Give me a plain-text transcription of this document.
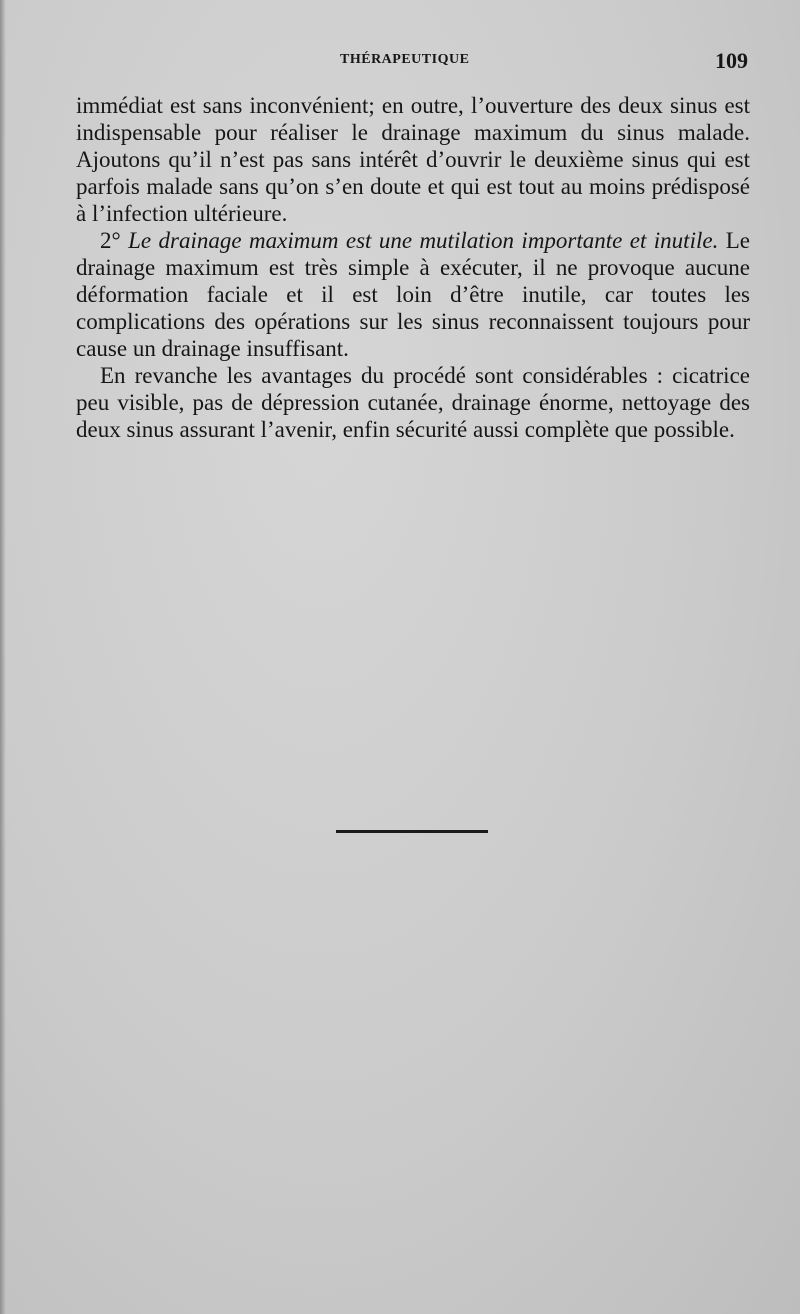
THÉRAPEUTIQUE	109

immédiat est sans inconvénient; en outre, l’ouverture des deux sinus est indispensable pour réaliser le drainage maximum du sinus malade. Ajoutons qu’il n’est pas sans intérêt d’ouvrir le deuxième sinus qui est parfois malade sans qu’on s’en doute et qui est tout au moins prédisposé à l’infection ultérieure.

2° Le drainage maximum est une mutilation importante et inutile. Le drainage maximum est très simple à exécuter, il ne provoque aucune déformation faciale et il est loin d’être inutile, car toutes les complications des opérations sur les sinus reconnaissent toujours pour cause un drainage insuffisant.

En revanche les avantages du procédé sont considérables : cicatrice peu visible, pas de dépression cutanée, drainage énorme, nettoyage des deux sinus assurant l’avenir, enfin sécurité aussi complète que possible.
